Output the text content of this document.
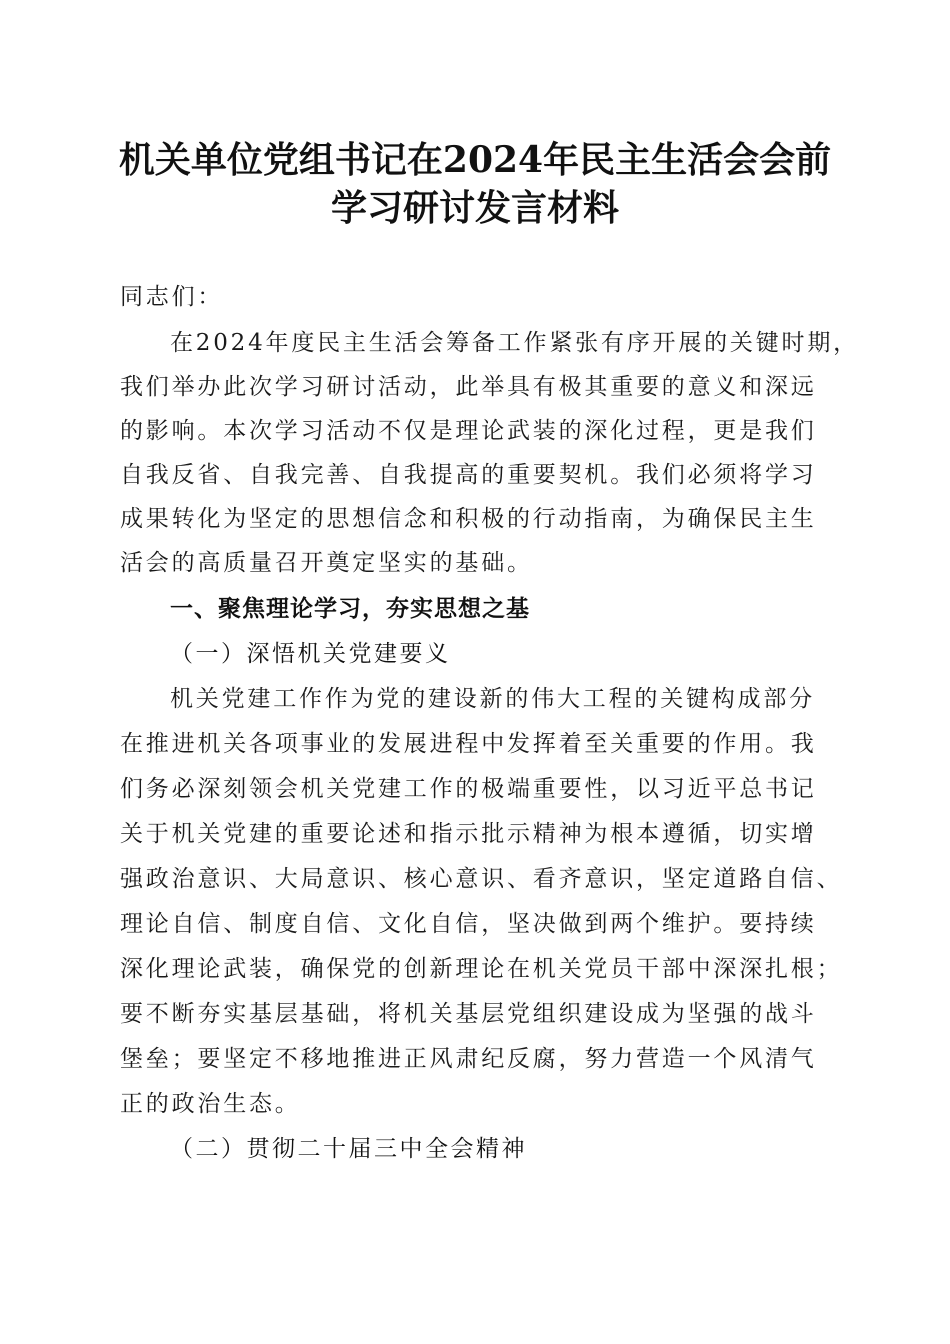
机关单位党组书记在2024年民主生活会会前
学习研讨发言材料
同志们：
在2024年度民主生活会筹备工作紧张有序开展的关键时期，
我们举办此次学习研讨活动，此举具有极其重要的意义和深远
的影响。本次学习活动不仅是理论武装的深化过程，更是我们
自我反省、自我完善、自我提高的重要契机。我们必须将学习
成果转化为坚定的思想信念和积极的行动指南，为确保民主生
活会的高质量召开奠定坚实的基础。
一、聚焦理论学习，夯实思想之基
（一）深悟机关党建要义
机关党建工作作为党的建设新的伟大工程的关键构成部分
在推进机关各项事业的发展进程中发挥着至关重要的作用。我
们务必深刻领会机关党建工作的极端重要性，以习近平总书记
关于机关党建的重要论述和指示批示精神为根本遵循，切实增
强政治意识、大局意识、核心意识、看齐意识，坚定道路自信、
理论自信、制度自信、文化自信，坚决做到两个维护。要持续
深化理论武装，确保党的创新理论在机关党员干部中深深扎根；
要不断夯实基层基础，将机关基层党组织建设成为坚强的战斗
堡垒；要坚定不移地推进正风肃纪反腐，努力营造一个风清气
正的政治生态。
（二）贯彻二十届三中全会精神
